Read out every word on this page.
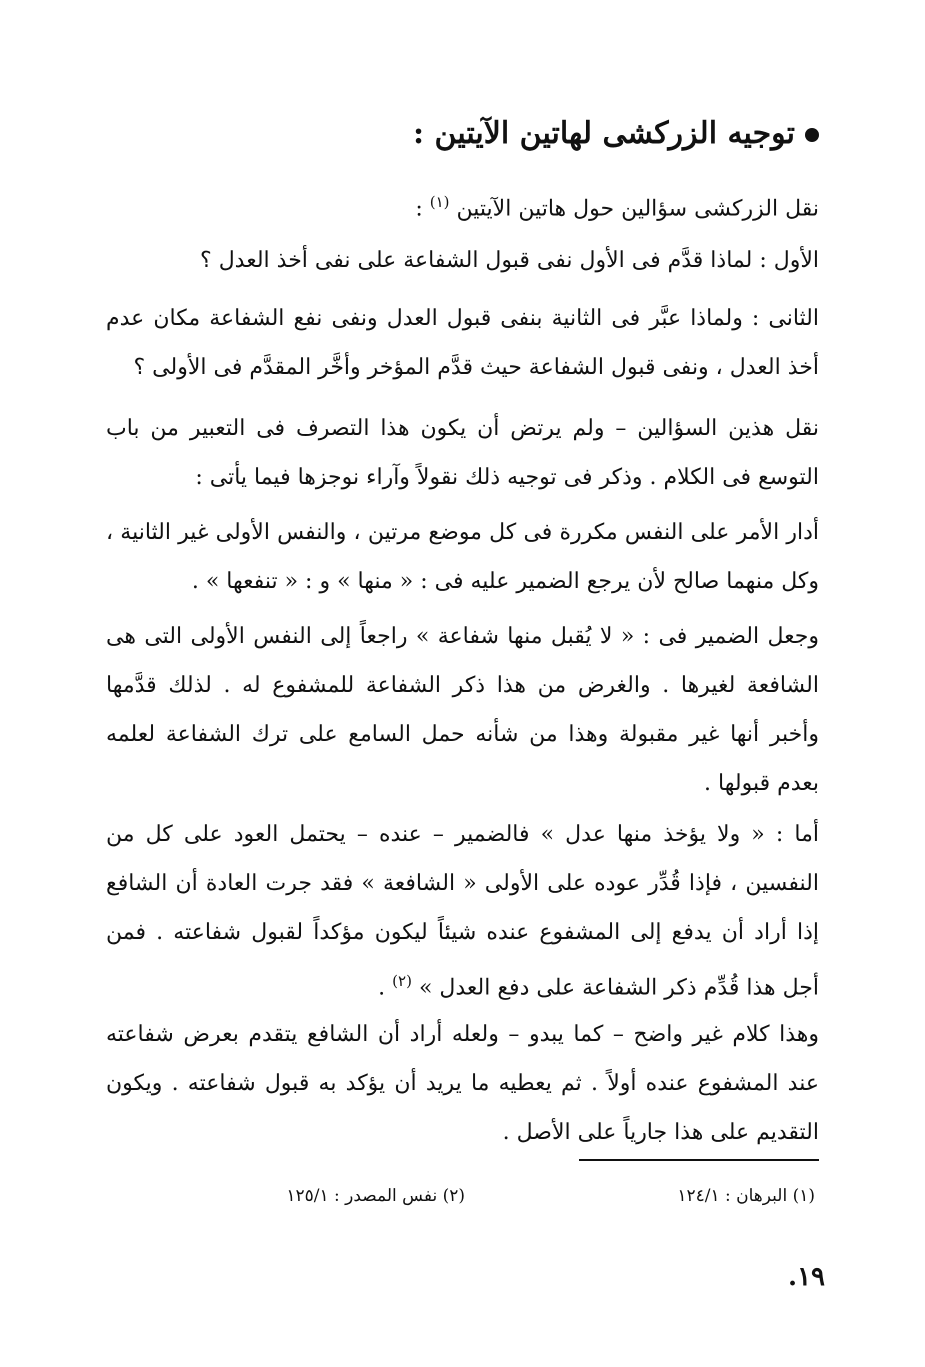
توجيه الزركشى لهاتين الآيتين :
نقل الزركشى سؤالين حول هاتين الآيتين $^{(١)}$ :
الأول : لماذا قدَّم فى الأول نفى قبول الشفاعة على نفى أخذ العدل ؟
الثانى : ولماذا عبَّر فى الثانية بنفى قبول العدل ونفى نفع الشفاعة مكان عدم أخذ العدل ، ونفى قبول الشفاعة حيث قدَّم المؤخر وأخَّر المقدَّم فى الأولى ؟
نقل هذين السؤالين – ولم يرتض أن يكون هذا التصرف فى التعبير من باب التوسع فى الكلام . وذكر فى توجيه ذلك نقولاً وآراء نوجزها فيما يأتى :
أدار الأمر على النفس مكررة فى كل موضع مرتين ، والنفس الأولى غير الثانية ، وكل منهما صالح لأن يرجع الضمير عليه فى : « منها » و : « تنفعها » .
وجعل الضمير فى : « لا يُقبل منها شفاعة » راجعاً إلى النفس الأولى التى هى الشافعة لغيرها . والغرض من هذا ذكر الشفاعة للمشفوع له . لذلك قدَّمها وأخبر أنها غير مقبولة وهذا من شأنه حمل السامع على ترك الشفاعة لعلمه بعدم قبولها .
أما : « ولا يؤخذ منها عدل » فالضمير – عنده – يحتمل العود على كل من النفسين ، فإذا قُدِّر عوده على الأولى « الشافعة » فقد جرت العادة أن الشافع إذا أراد أن يدفع إلى المشفوع عنده شيئاً ليكون مؤكداً لقبول شفاعته . فمن أجل هذا قُدِّم ذكر الشفاعة على دفع العدل » $^{(٢)}$ .
وهذا كلام غير واضح – كما يبدو – ولعله أراد أن الشافع يتقدم بعرض شفاعته عند المشفوع عنده أولاً . ثم يعطيه ما يريد أن يؤكد به قبول شفاعته . ويكون التقديم على هذا جارياً على الأصل .
(١) البرهان : ١٢٤/١
(٢) نفس المصدر : ١٢٥/١
١٩.
